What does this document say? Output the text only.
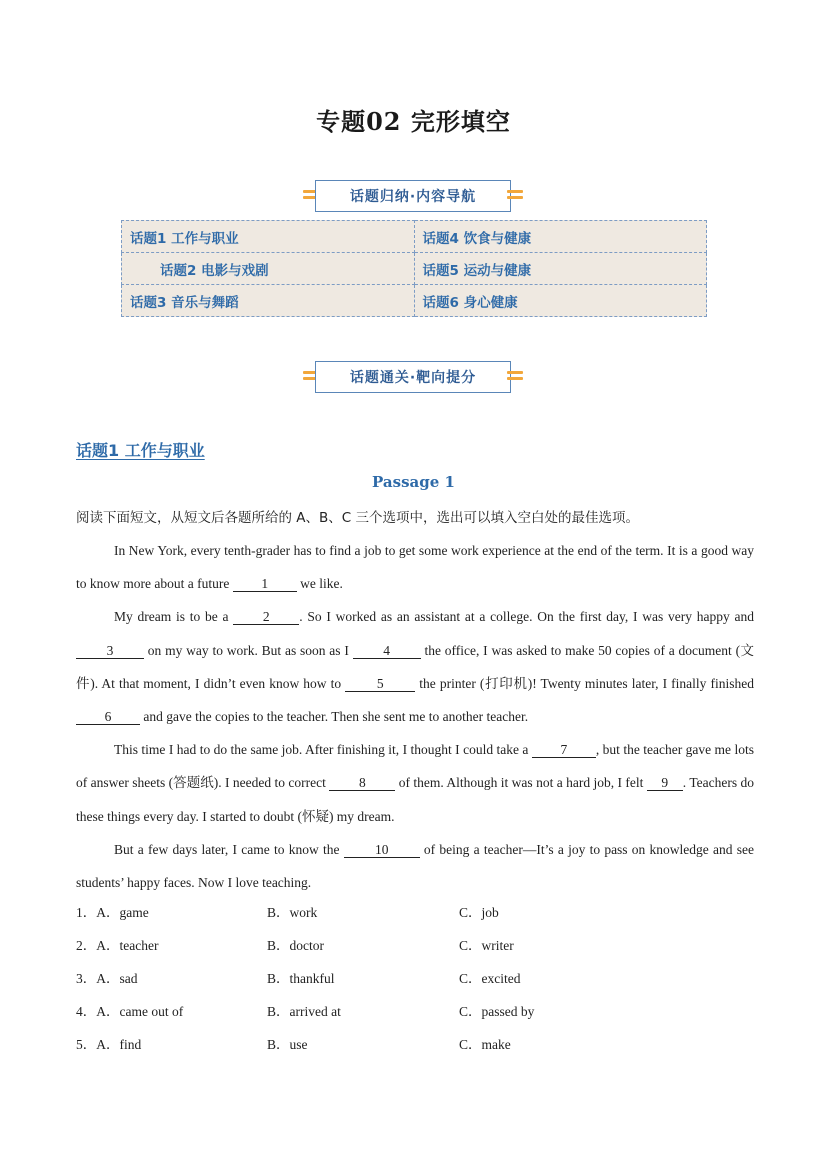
专题02 完形填空
话题归纳·内容导航
话题1 工作与职业	话题4 饮食与健康
话题2 电影与戏剧	话题5 运动与健康
话题3 音乐与舞蹈	话题6 身心健康
话题通关·靶向提分
话题1 工作与职业
Passage 1
阅读下面短文，从短文后各题所给的 A、B、C 三个选项中，选出可以填入空白处的最佳选项。

In New York, every tenth-grader has to find a job to get some work experience at the end of the term. It is a good way to know more about a future 1 we like.

My dream is to be a 2 . So I worked as an assistant at a college. On the first day, I was very happy and 3 on my way to work. But as soon as I 4 the office, I was asked to make 50 copies of a document (文件). At that moment, I didn’t even know how to 5 the printer (打印机)! Twenty minutes later, I finally finished 6 and gave the copies to the teacher. Then she sent me to another teacher.

This time I had to do the same job. After finishing it, I thought I could take a 7 , but the teacher gave me lots of answer sheets (答题纸). I needed to correct 8 of them. Although it was not a hard job, I felt 9 . Teachers do these things every day. I started to doubt (怀疑) my dream.

But a few days later, I came to know the 10 of being a teacher—It’s a joy to pass on knowledge and see students’ happy faces. Now I love teaching.

1．A．game	B．work	C．job
2．A．teacher	B．doctor	C．writer
3．A．sad	B．thankful	C．excited
4．A．came out of	B．arrived at	C．passed by
5．A．find	B．use	C．make
